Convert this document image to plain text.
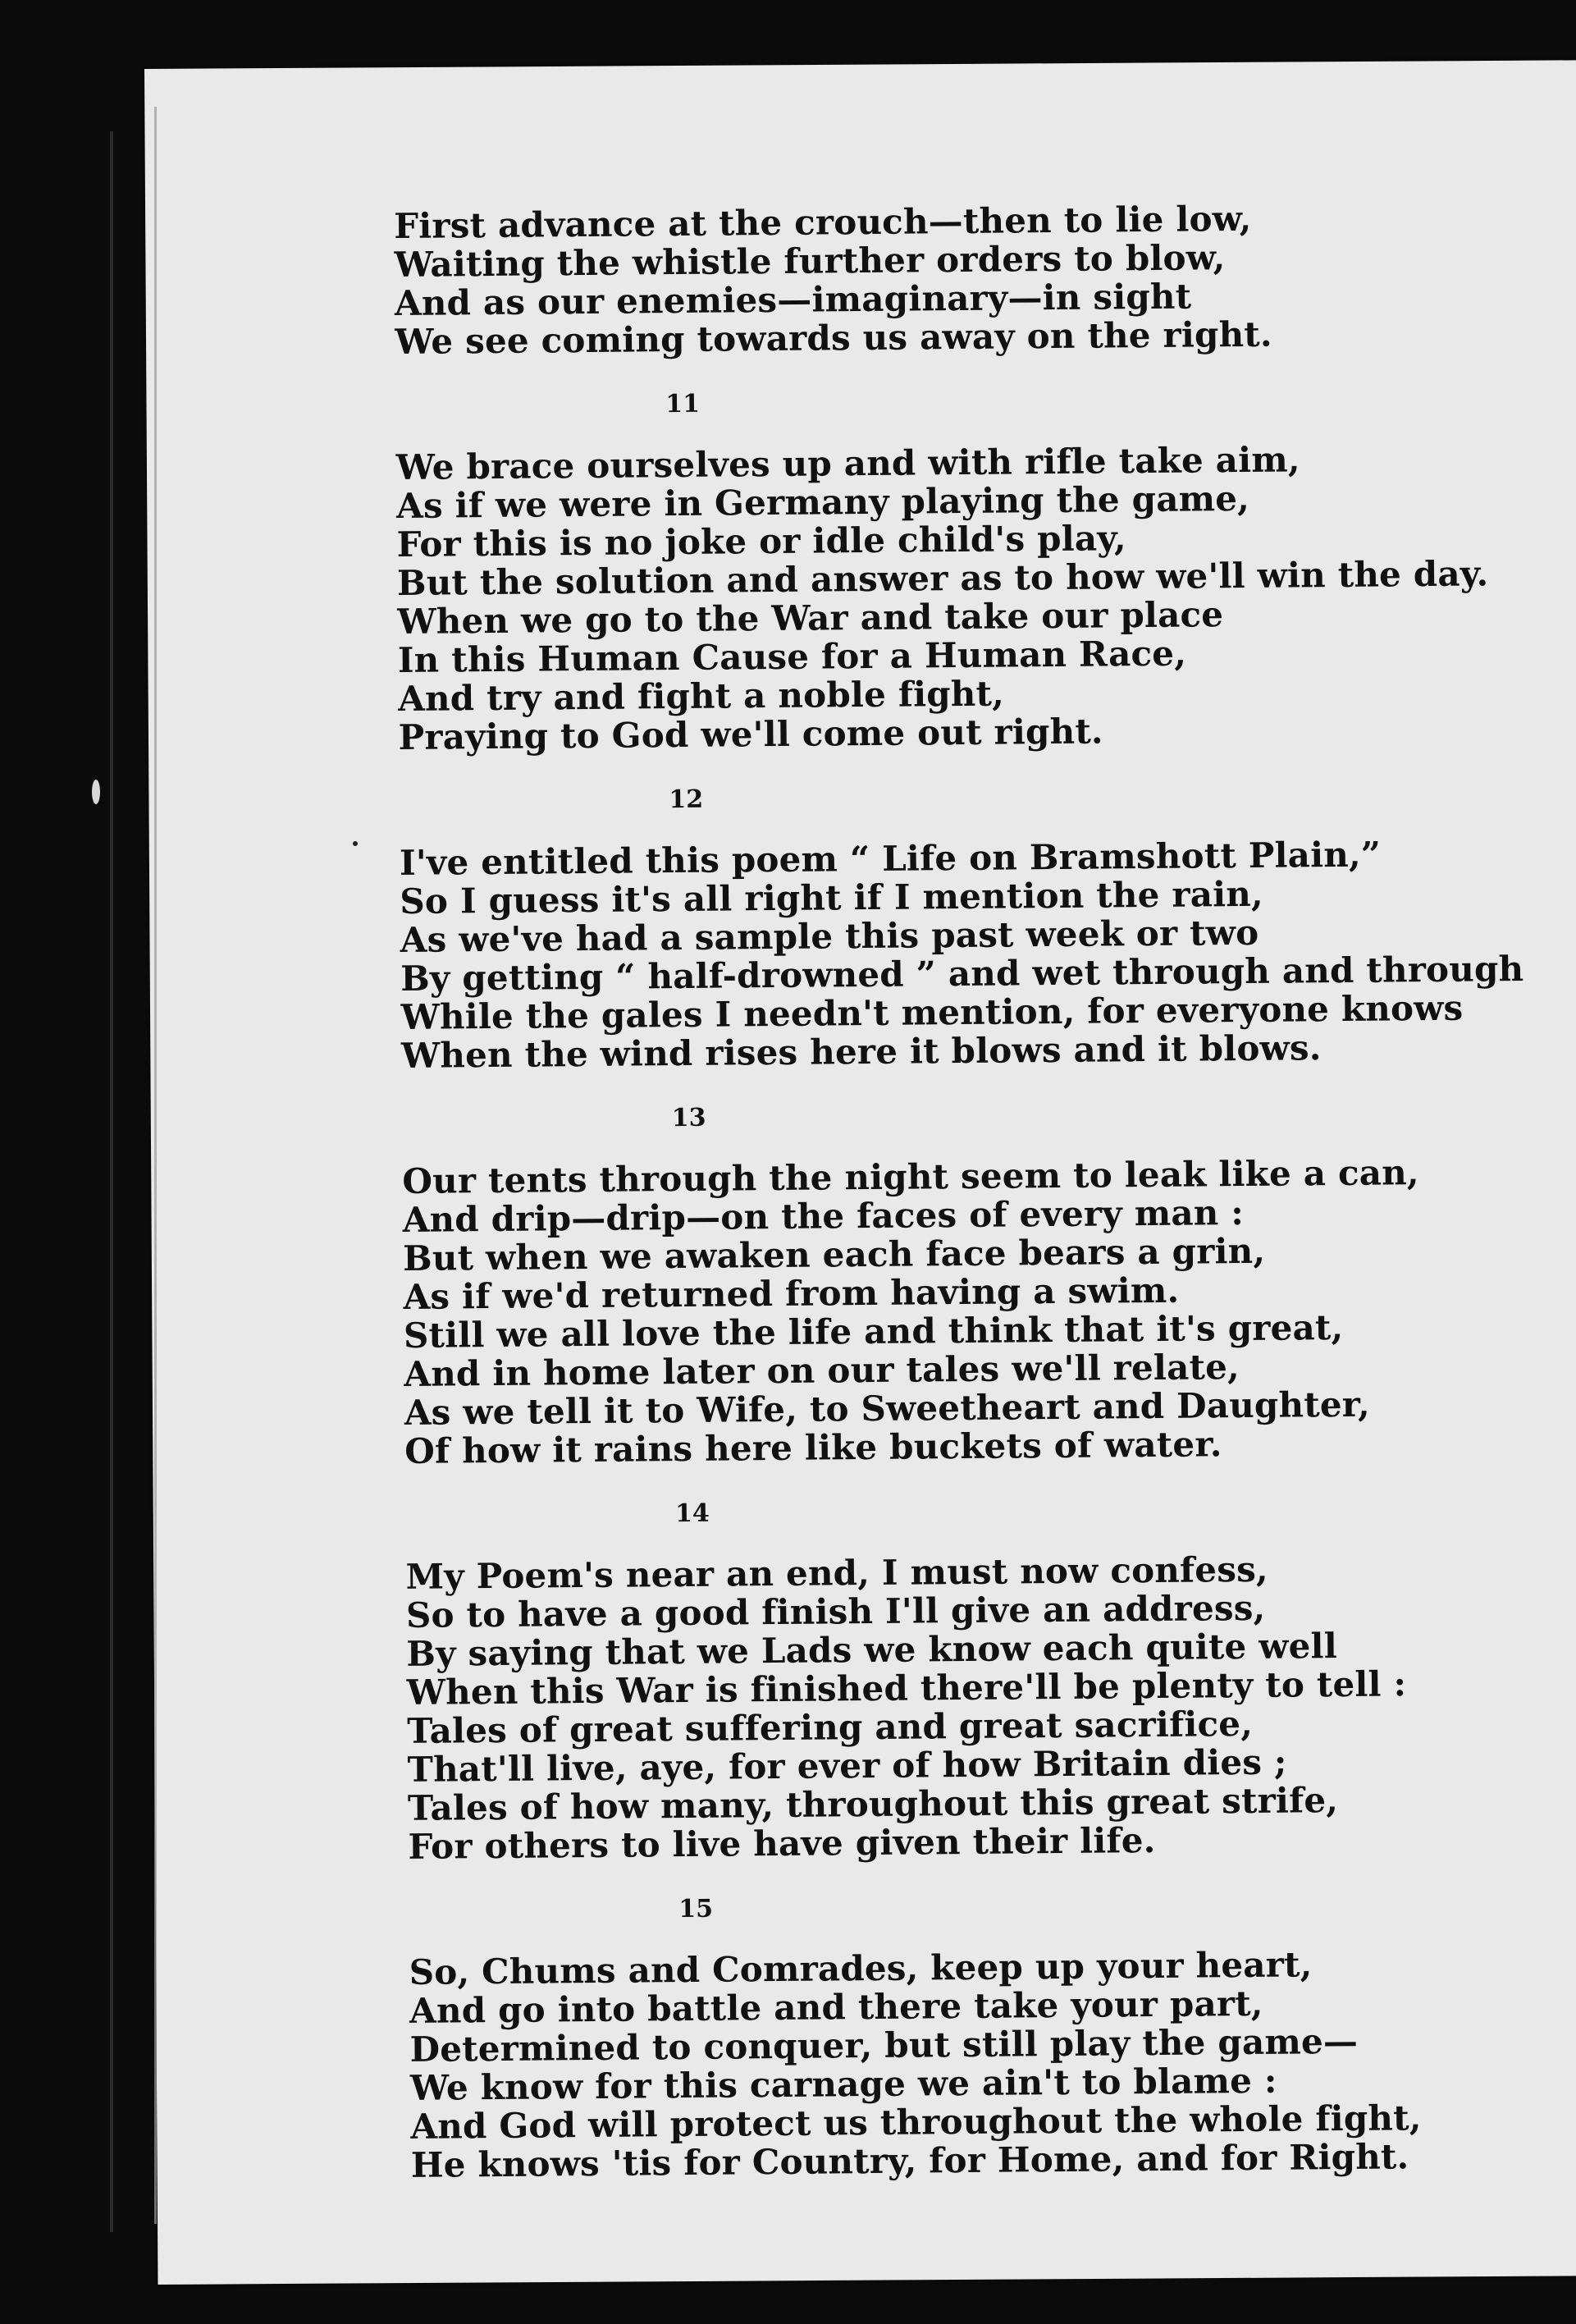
First advance at the crouch—then to lie low,
Waiting the whistle further orders to blow,
And as our enemies—imaginary—in sight
We see coming towards us away on the right.
11
We brace ourselves up and with rifle take aim,
As if we were in Germany playing the game,
For this is no joke or idle child's play,
But the solution and answer as to how we'll win the day.
When we go to the War and take our place
In this Human Cause for a Human Race,
And try and fight a noble fight,
Praying to God we'll come out right.
12
I've entitled this poem “ Life on Bramshott Plain,”
So I guess it's all right if I mention the rain,
As we've had a sample this past week or two
By getting “ half-drowned ” and wet through and through
While the gales I needn't mention, for everyone knows
When the wind rises here it blows and it blows.
13
Our tents through the night seem to leak like a can,
And drip—drip—on the faces of every man :
But when we awaken each face bears a grin,
As if we'd returned from having a swim.
Still we all love the life and think that it's great,
And in home later on our tales we'll relate,
As we tell it to Wife, to Sweetheart and Daughter,
Of how it rains here like buckets of water.
14
My Poem's near an end, I must now confess,
So to have a good finish I'll give an address,
By saying that we Lads we know each quite well
When this War is finished there'll be plenty to tell :
Tales of great suffering and great sacrifice,
That'll live, aye, for ever of how Britain dies ;
Tales of how many, throughout this great strife,
For others to live have given their life.
15
So, Chums and Comrades, keep up your heart,
And go into battle and there take your part,
Determined to conquer, but still play the game—
We know for this carnage we ain't to blame :
And God will protect us throughout the whole fight,
He knows 'tis for Country, for Home, and for Right.
